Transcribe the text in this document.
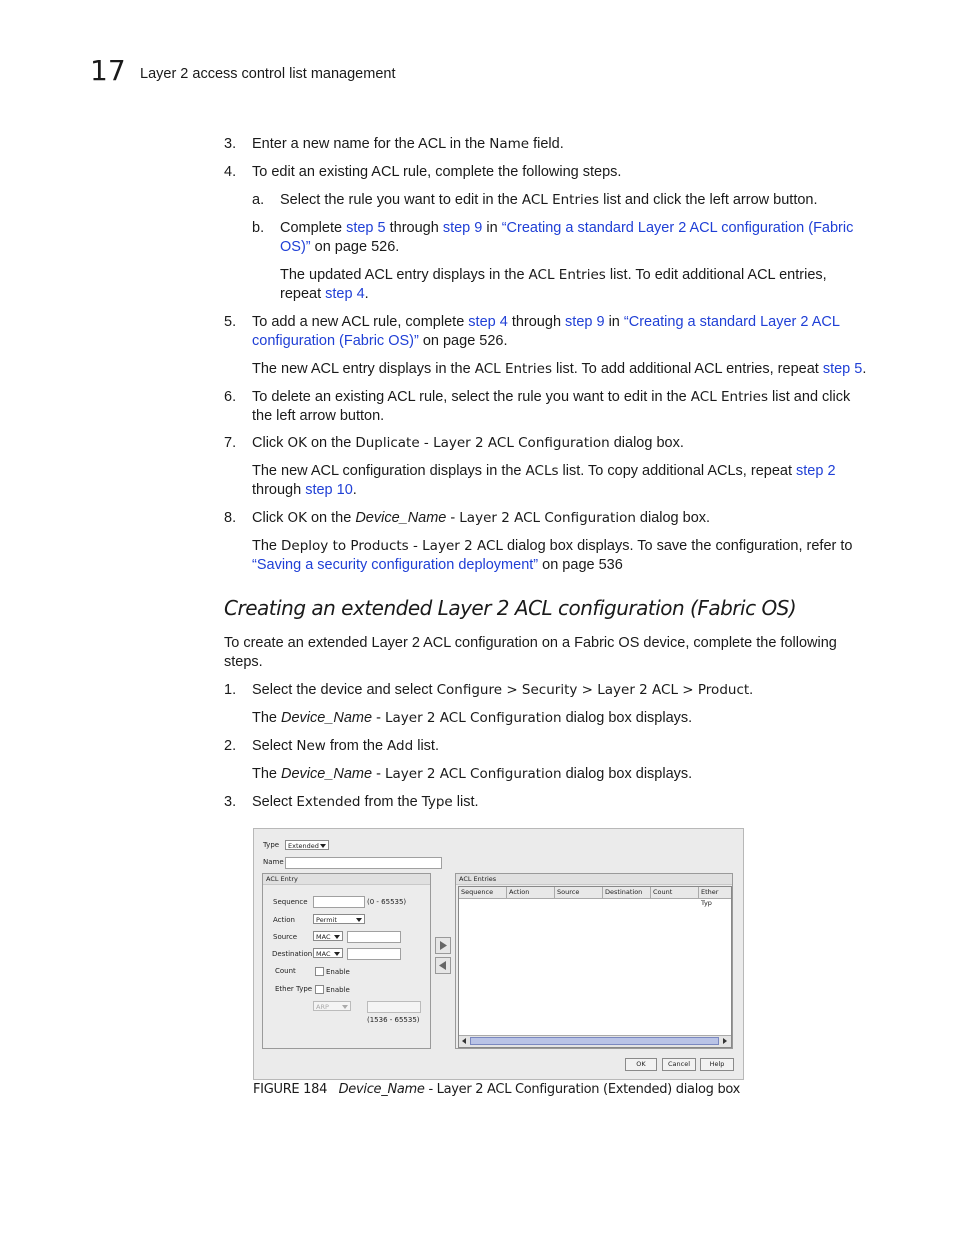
17 Layer 2 access control list management
3.	Enter a new name for the ACL in the Name field.
4.	To edit an existing ACL rule, complete the following steps.
a.	Select the rule you want to edit in the ACL Entries list and click the left arrow button.
b.	Complete step 5 through step 9 in “Creating a standard Layer 2 ACL configuration (Fabric
OS)” on page 526.
The updated ACL entry displays in the ACL Entries list. To edit additional ACL entries,
repeat step 4.
5.	To add a new ACL rule, complete step 4 through step 9 in “Creating a standard Layer 2 ACL
configuration (Fabric OS)” on page 526.
The new ACL entry displays in the ACL Entries list. To add additional ACL entries, repeat step 5.
6.	To delete an existing ACL rule, select the rule you want to edit in the ACL Entries list and click
the left arrow button.
7.	Click OK on the Duplicate - Layer 2 ACL Configuration dialog box.
The new ACL configuration displays in the ACLs list. To copy additional ACLs, repeat step 2
through step 10.
8.	Click OK on the Device_Name - Layer 2 ACL Configuration dialog box.
The Deploy to Products - Layer 2 ACL dialog box displays. To save the configuration, refer to
“Saving a security configuration deployment” on page 536
Creating an extended Layer 2 ACL configuration (Fabric OS)
To create an extended Layer 2 ACL configuration on a Fabric OS device, complete the following
steps.
1.	Select the device and select Configure > Security > Layer 2 ACL > Product.
The Device_Name - Layer 2 ACL Configuration dialog box displays.
2.	Select New from the Add list.
The Device_Name - Layer 2 ACL Configuration dialog box displays.
3.	Select Extended from the Type list.
Type	Extended
Name
ACL Entry
Sequence	(0 - 65535)
Action	Permit
Source	MAC
Destination MAC
Count	Enable
Ether Type Enable
ARP
(1536 - 65535)
ACL Entries
Sequence	Action	Source	Destination	Count	Ether Typ
OK	Cancel	Help
FIGURE 184 Device_Name - Layer 2 ACL Configuration (Extended) dialog box
